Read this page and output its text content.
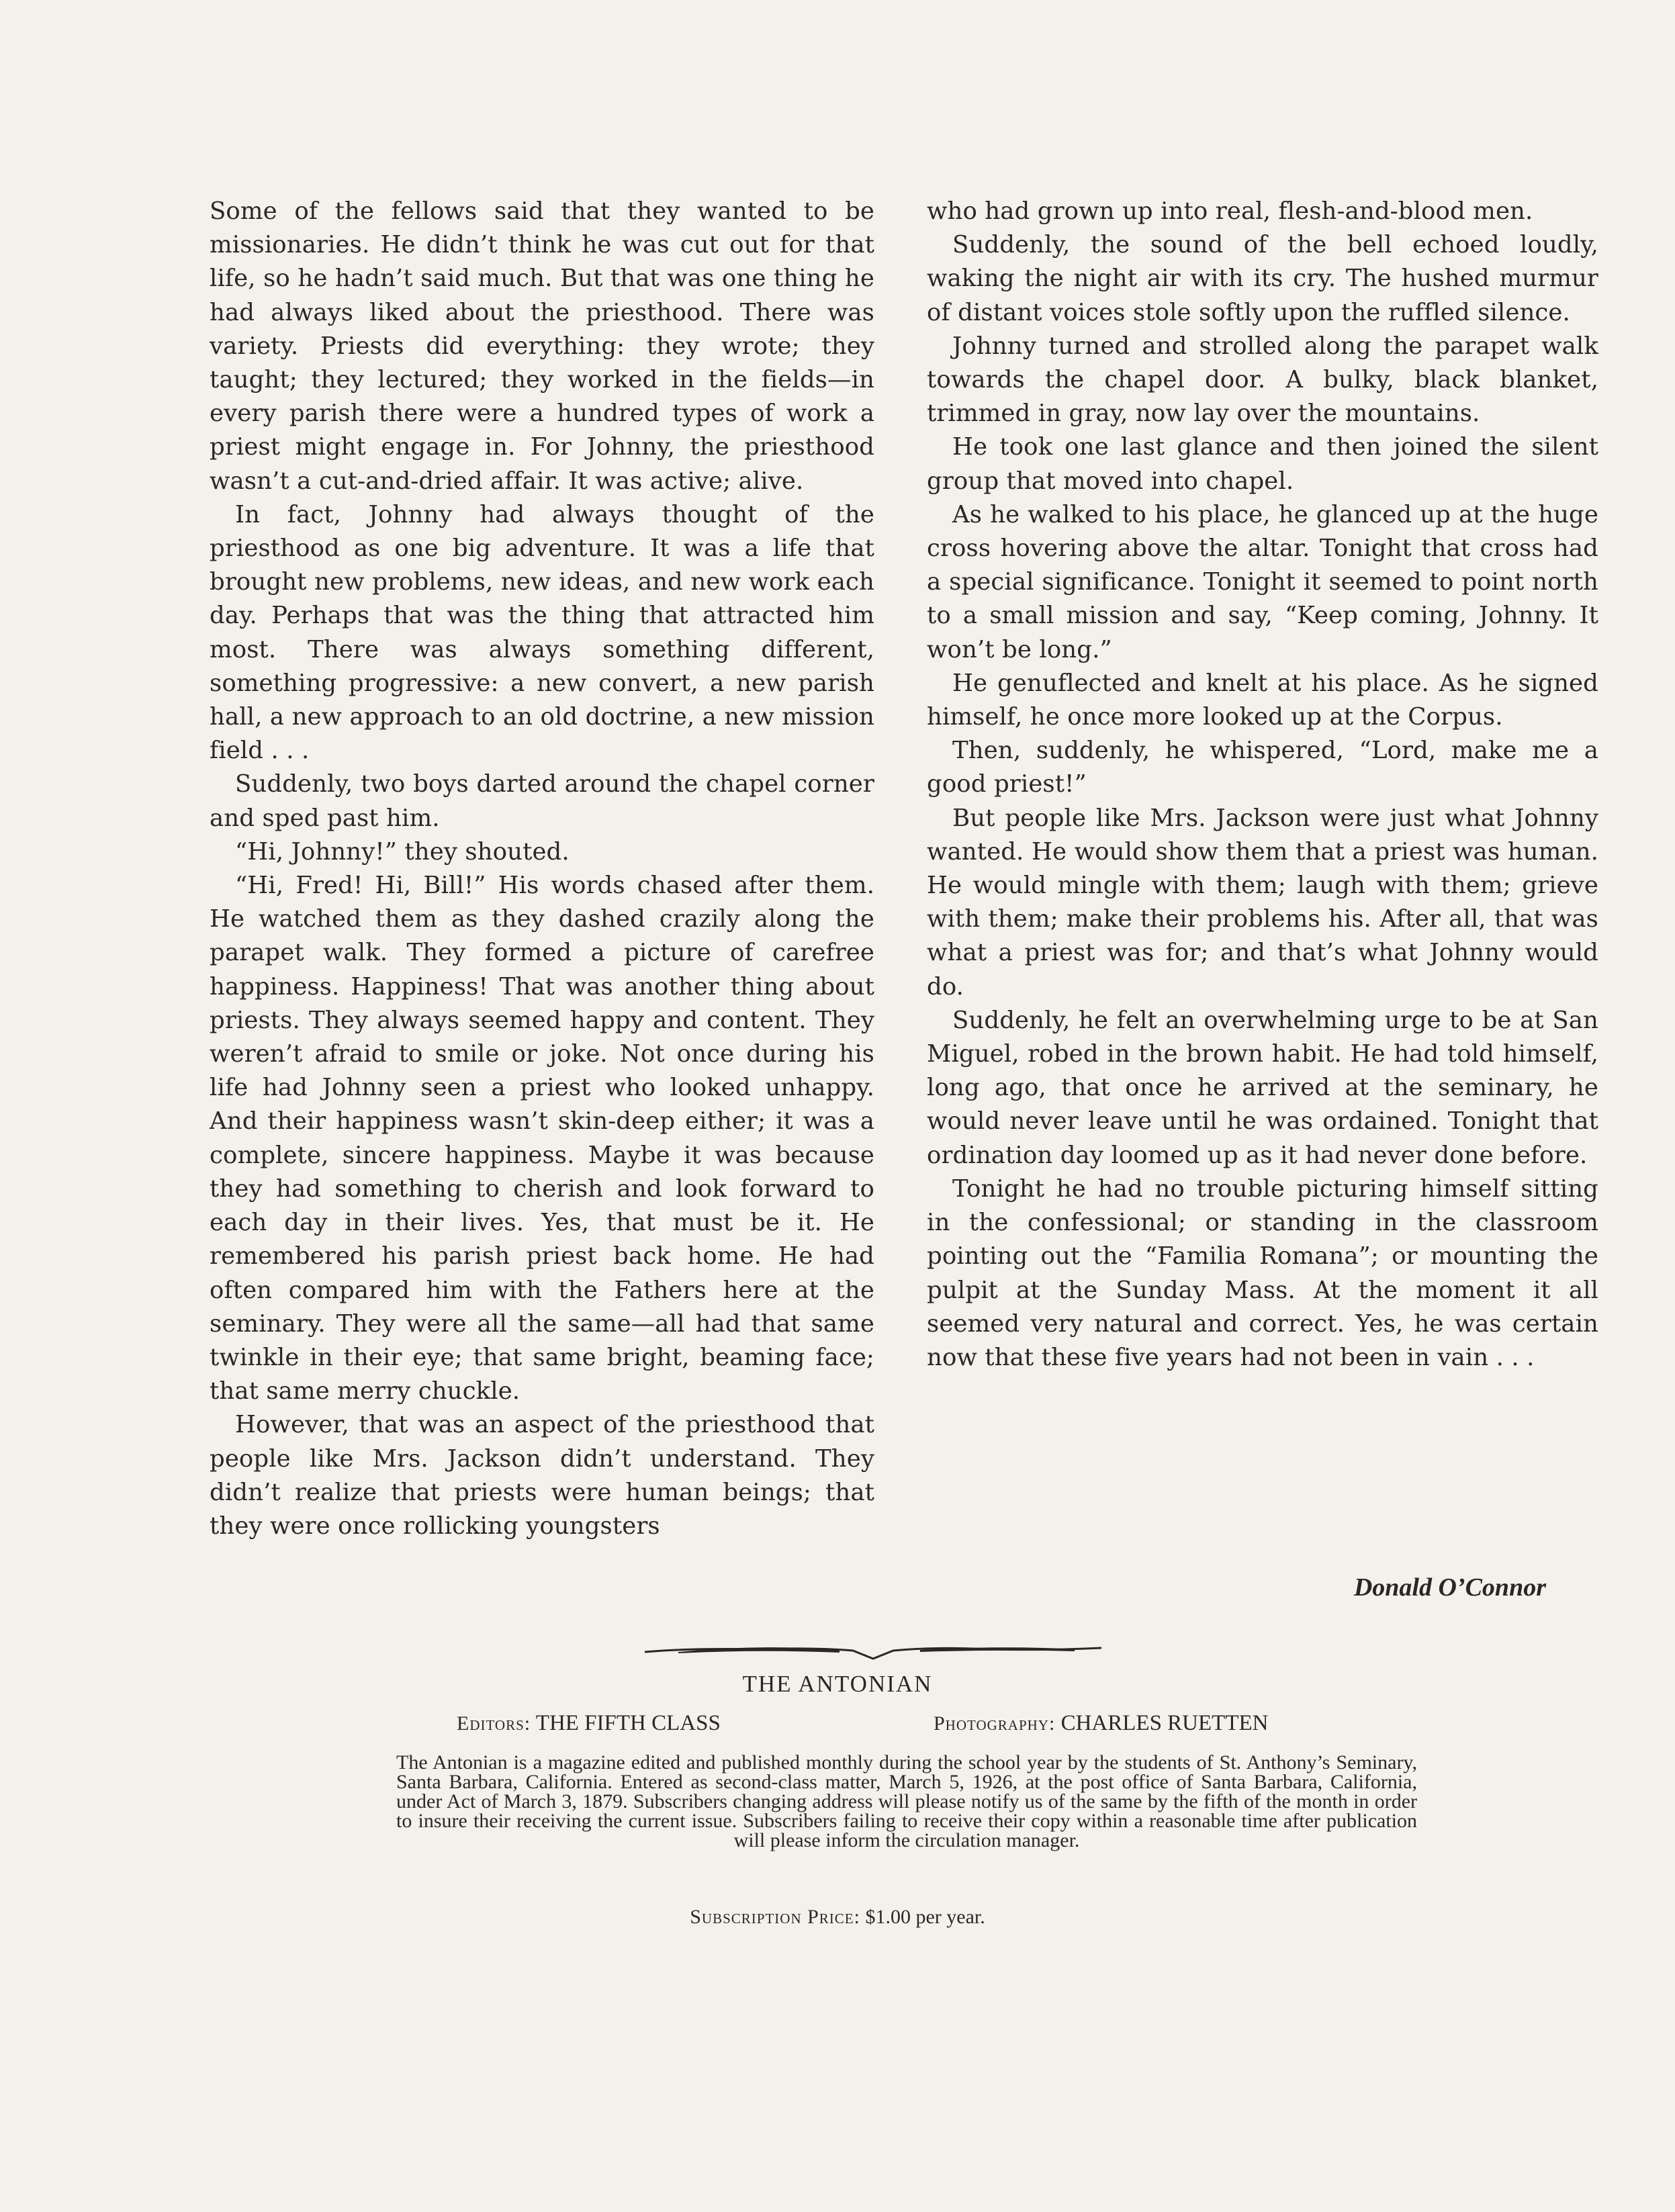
Some of the fellows said that they wanted to be missionaries. He didn’t think he was cut out for that life, so he hadn’t said much. But that was one thing he had always liked about the priesthood. There was variety. Priests did everything: they wrote; they taught; they lectured; they worked in the fields—in every parish there were a hundred types of work a priest might engage in. For Johnny, the priesthood wasn’t a cut-and-dried affair. It was active; alive.

In fact, Johnny had always thought of the priesthood as one big adventure. It was a life that brought new problems, new ideas, and new work each day. Perhaps that was the thing that attracted him most. There was always something different, something progressive: a new convert, a new parish hall, a new approach to an old doctrine, a new mission field . . .

Suddenly, two boys darted around the chapel corner and sped past him.

“Hi, Johnny!” they shouted.

“Hi, Fred! Hi, Bill!” His words chased after them. He watched them as they dashed crazily along the parapet walk. They formed a picture of carefree happiness. Happiness! That was another thing about priests. They always seemed happy and content. They weren’t afraid to smile or joke. Not once during his life had Johnny seen a priest who looked unhappy. And their happiness wasn’t skin-deep either; it was a complete, sincere happiness. Maybe it was because they had something to cherish and look forward to each day in their lives. Yes, that must be it. He remembered his parish priest back home. He had often compared him with the Fathers here at the seminary. They were all the same—all had that same twinkle in their eye; that same bright, beaming face; that same merry chuckle.

However, that was an aspect of the priesthood that people like Mrs. Jackson didn’t understand. They didn’t realize that priests were human beings; that they were once rollicking youngsters

who had grown up into real, flesh-and-blood men.

Suddenly, the sound of the bell echoed loudly, waking the night air with its cry. The hushed murmur of distant voices stole softly upon the ruffled silence.

Johnny turned and strolled along the parapet walk towards the chapel door. A bulky, black blanket, trimmed in gray, now lay over the mountains.

He took one last glance and then joined the silent group that moved into chapel.

As he walked to his place, he glanced up at the huge cross hovering above the altar. Tonight that cross had a special significance. Tonight it seemed to point north to a small mission and say, “Keep coming, Johnny. It won’t be long.”

He genuflected and knelt at his place. As he signed himself, he once more looked up at the Corpus.

Then, suddenly, he whispered, “Lord, make me a good priest!”

But people like Mrs. Jackson were just what Johnny wanted. He would show them that a priest was human. He would mingle with them; laugh with them; grieve with them; make their problems his. After all, that was what a priest was for; and that’s what Johnny would do.

Suddenly, he felt an overwhelming urge to be at San Miguel, robed in the brown habit. He had told himself, long ago, that once he arrived at the seminary, he would never leave until he was ordained. Tonight that ordination day loomed up as it had never done before.

Tonight he had no trouble picturing himself sitting in the confessional; or standing in the classroom pointing out the “Familia Romana”; or mounting the pulpit at the Sunday Mass. At the moment it all seemed very natural and correct. Yes, he was certain now that these five years had not been in vain . . .

Donald O’Connor

THE ANTONIAN

Editors: THE FIFTH CLASS	Photography: CHARLES RUETTEN
The Antonian is a magazine edited and published monthly during the school year by the students of St. Anthony’s Seminary, Santa Barbara, California. Entered as second-class matter, March 5, 1926, at the post office of Santa Barbara, California, under Act of March 3, 1879. Subscribers changing address will please notify us of the same by the fifth of the month in order to insure their receiving the current issue. Subscribers failing to receive their copy within a reasonable time after publication will please inform the circulation manager.
Subscription Price: $1.00 per year.
